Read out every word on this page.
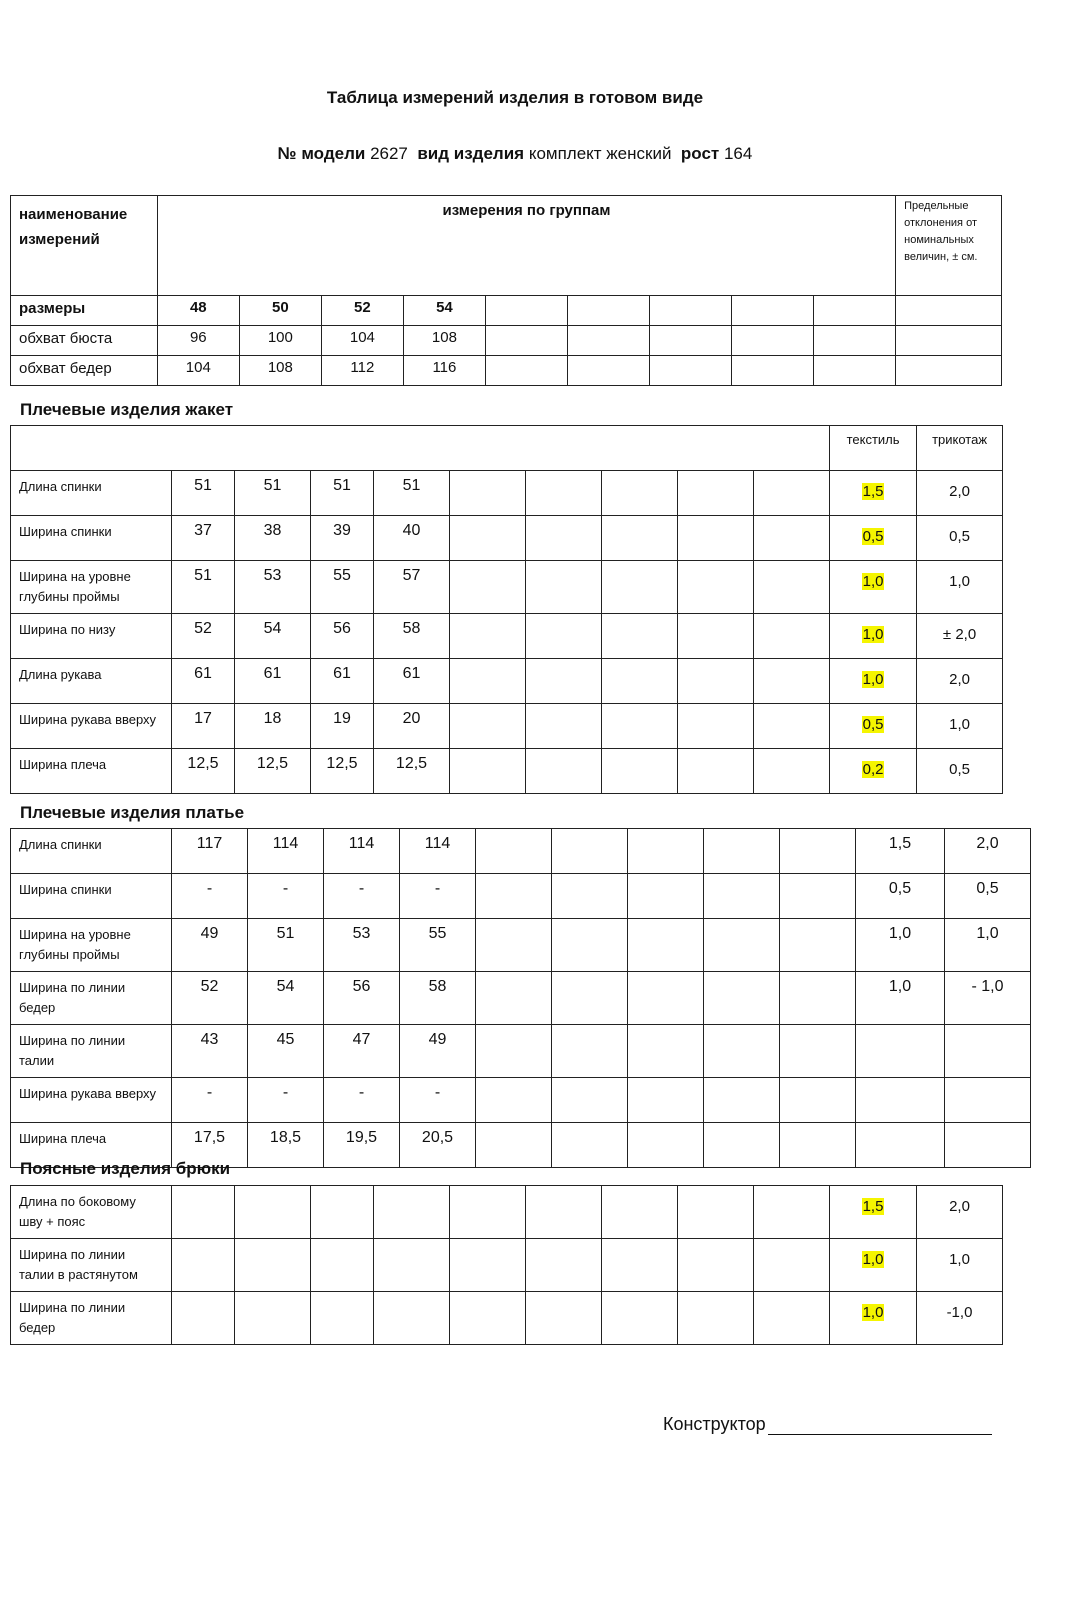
Таблица измерений изделия в готовом виде
№ модели 2627 вид изделия комплект женский рост 164
наименование измерений	измерения по группам									Предельные отклонения от номинальных величин, ± см.
размеры	48	50	52	54						
обхват бюста	96	100	104	108						
обхват бедер	104	108	112	116						
Плечевые изделия жакет
										текстиль	трикотаж
Длина спинки	51	51	51	51						1,5	2,0
Ширина спинки	37	38	39	40						0,5	0,5
Ширина на уровне глубины проймы	51	53	55	57						1,0	1,0
Ширина по низу	52	54	56	58						1,0	± 2,0
Длина рукава	61	61	61	61						1,0	2,0
Ширина рукава вверху	17	18	19	20						0,5	1,0
Ширина плеча	12,5	12,5	12,5	12,5						0,2	0,5
Плечевые изделия платье
Длина спинки	117	114	114	114						1,5	2,0
Ширина спинки	-	-	-	-						0,5	0,5
Ширина на уровне глубины проймы	49	51	53	55						1,0	1,0
Ширина по линии бедер	52	54	56	58						1,0	- 1,0
Ширина по линии талии	43	45	47	49							
Ширина рукава вверху	-	-	-	-							
Ширина плеча	17,5	18,5	19,5	20,5							
Поясные изделия брюки
Длина по боковому шву + пояс										1,5	2,0
Ширина по линии талии в растянутом										1,0	1,0
Ширина по линии бедер										1,0	-1,0
Конструктор
